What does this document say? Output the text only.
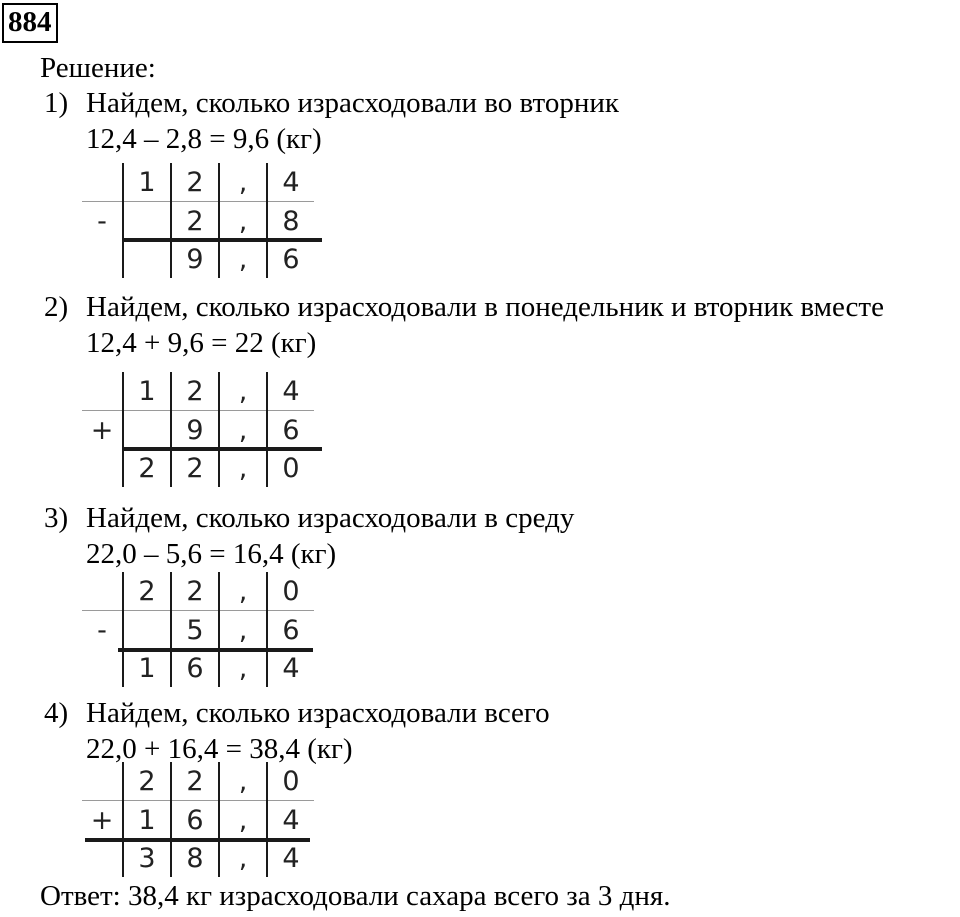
884
Решение:
1) Найдем, сколько израсходовали во вторник
12,4 – 2,8 = 9,6 (кг)
	1	2	,	4
-		2	,	8
		9	,	6
2) Найдем, сколько израсходовали в понедельник и вторник вместе
12,4 + 9,6 = 22 (кг)
	1	2	,	4
+		9	,	6
	2	2	,	0
3) Найдем, сколько израсходовали в среду
22,0 – 5,6 = 16,4 (кг)
	2	2	,	0
-		5	,	6
	1	6	,	4
4) Найдем, сколько израсходовали всего
22,0 + 16,4 = 38,4 (кг)
	2	2	,	0
+	1	6	,	4
	3	8	,	4
Ответ: 38,4 кг израсходовали сахара всего за 3 дня.
